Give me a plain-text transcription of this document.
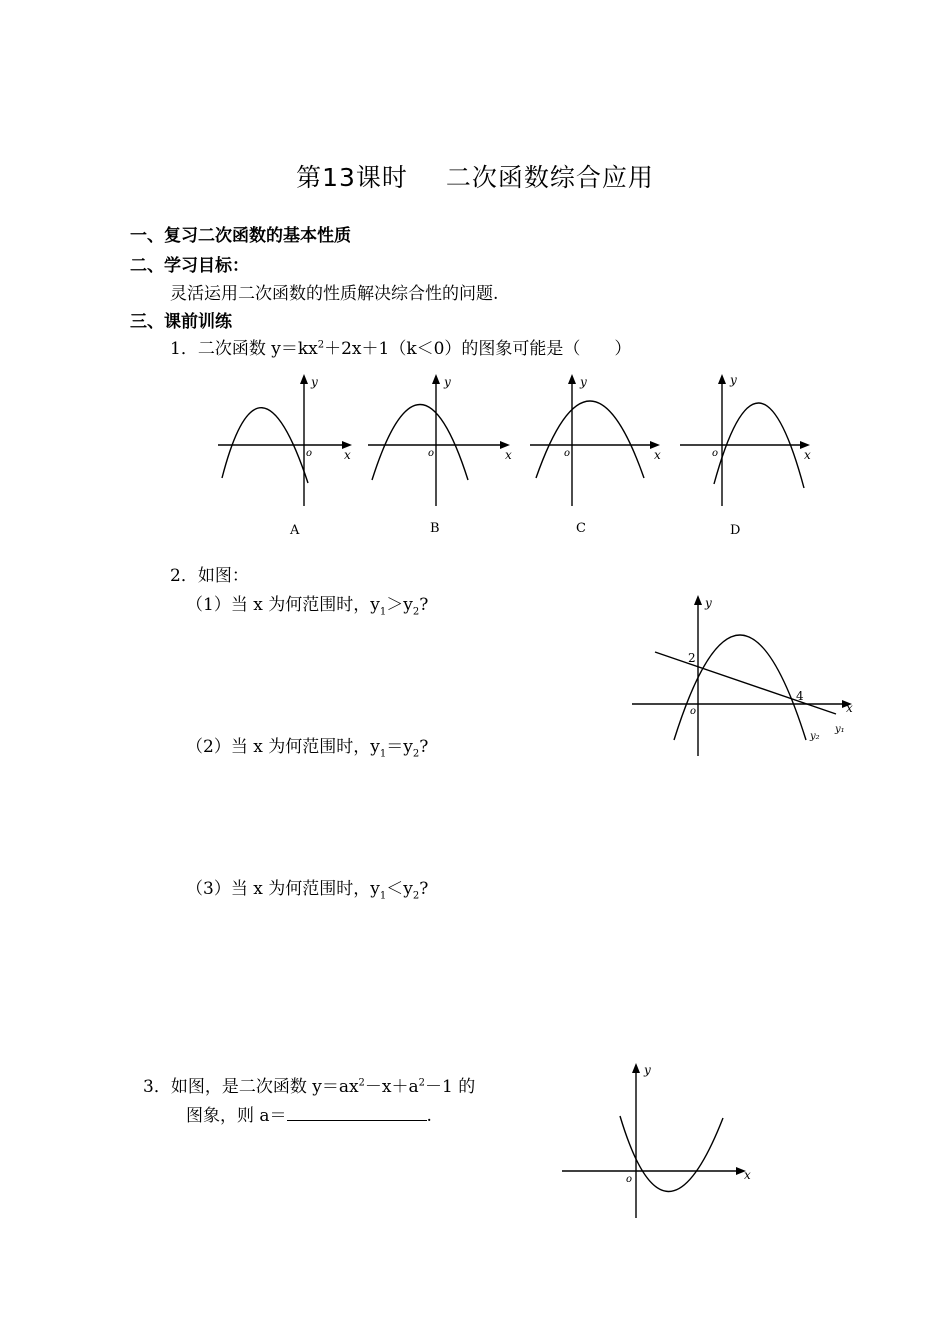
第13课时 二次函数综合应用
一、复习二次函数的基本性质
二、学习目标：
灵活运用二次函数的性质解决综合性的问题.
三、课前训练
1．二次函数 $y=kx^2+2x+1(k<0)$的图象可能是（　　）
y
x
o
A
y
x
o
B
y
x
o
C
y
x
o
D
2．如图：
（1）当 x 为何范围时，$y_1>y_2$?
（2）当 x 为何范围时，$y_1=y_2$?
（3）当 x 为何范围时，$y_1<y_2$?
y
x
o
2
4
y₁
y₂
3．如图，是二次函数 $y=ax^2-x+a^2-1$ 的
图象，则 a＝	.
y
x
o
